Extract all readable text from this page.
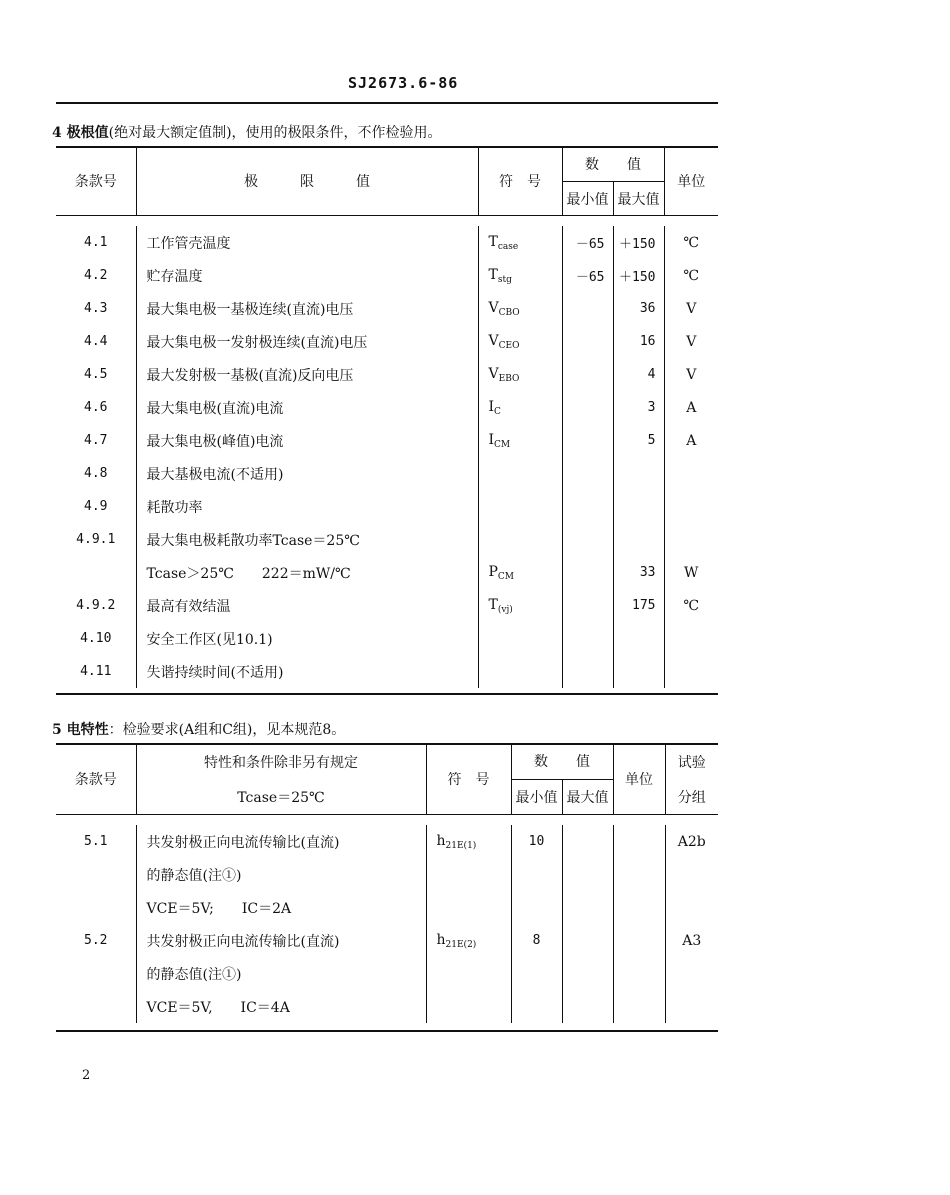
SJ2673.6-86
4 极根值(绝对最大额定值制)，使用的极限条件，不作检验用。
条款号	极　　　限　　　值	符　号	数　　值		单位
			最小值	最大值	

4.1	工作管壳温度	$T_{case}$	－65	＋150	℃
4.2	贮存温度	$T_{stg}$	－65	＋150	℃
4.3	最大集电极一基极连续(直流)电压	$V_{CBO}$		36	V
4.4	最大集电极一发射极连续(直流)电压	$V_{CEO}$		16	V
4.5	最大发射极一基极(直流)反向电压	$V_{EBO}$		4	V
4.6	最大集电极(直流)电流	$I_C$		3	A
4.7	最大集电极(峰值)电流	$I_{CM}$		5	A
4.8	最大基极电流(不适用)				
4.9	耗散功率				
4.9.1	最大集电极耗散功率Tcase＝25℃				
	Tcase＞25℃　　222＝mW/℃	$P_{CM}$		33	W
4.9.2	最高有效结温	$T_{(vj)}$		175	℃
4.10	安全工作区(见10.1)				
4.11	失谐持续时间(不适用)				
5 电特性：检验要求(A组和C组)，见本规范8。
条款号	特性和条件除非另有规定	符　号	数　　值		单位	试验
	Tcase＝25℃		最小值	最大值		分组

5.1	共发射极正向电流传输比(直流)	$h_{21E(1)}$	10			A2b
	的静态值(注①)					
	VCE＝5V;　　IC＝2A					
5.2	共发射极正向电流传输比(直流)	$h_{21E(2)}$	8			A3
	的静态值(注①)					
	VCE＝5V,　　IC＝4A					
2
